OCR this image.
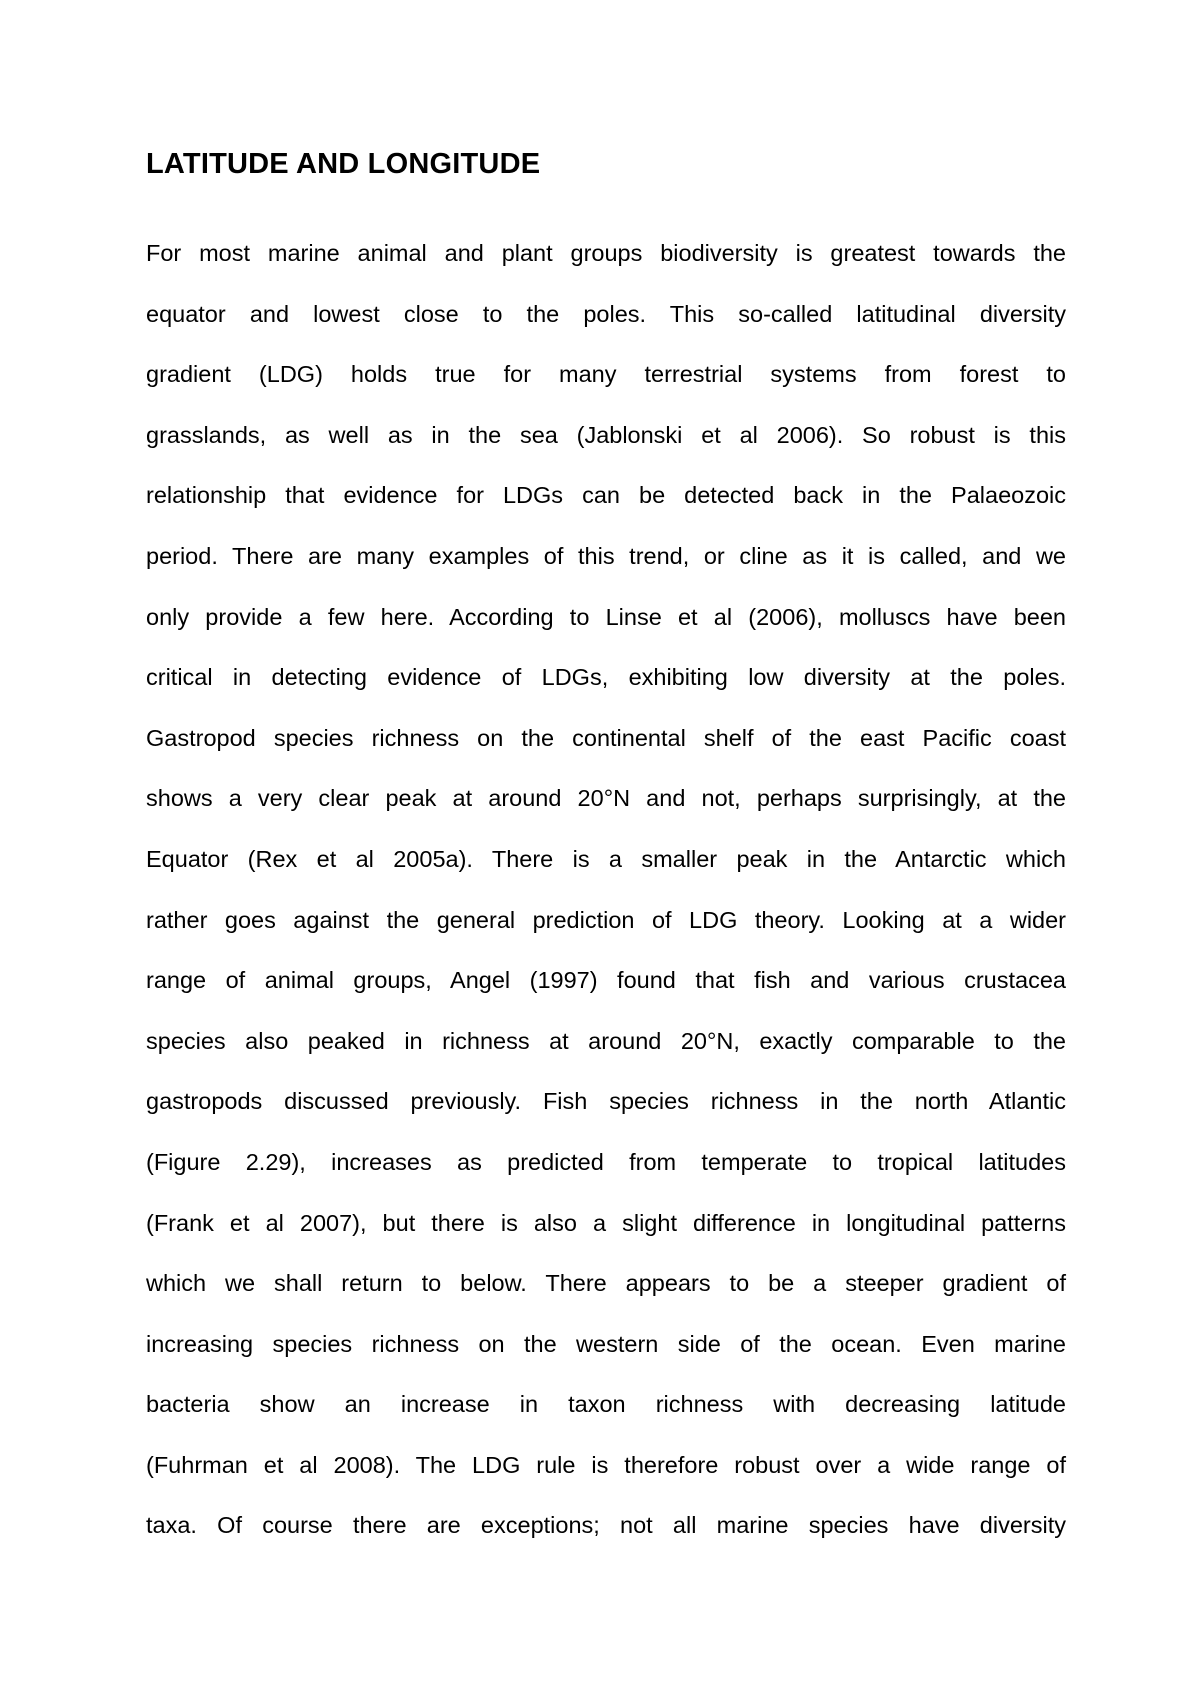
LATITUDE AND LONGITUDE
For most marine animal and plant groups biodiversity is greatest towards the
equator and lowest close to the poles. This so-called latitudinal diversity
gradient (LDG) holds true for many terrestrial systems from forest to
grasslands, as well as in the sea (Jablonski et al 2006). So robust is this
relationship that evidence for LDGs can be detected back in the Palaeozoic
period. There are many examples of this trend, or cline as it is called, and we
only provide a few here. According to Linse et al (2006), molluscs have been
critical in detecting evidence of LDGs, exhibiting low diversity at the poles.
Gastropod species richness on the continental shelf of the east Pacific coast
shows a very clear peak at around 20°N and not, perhaps surprisingly, at the
Equator (Rex et al 2005a). There is a smaller peak in the Antarctic which
rather goes against the general prediction of LDG theory. Looking at a wider
range of animal groups, Angel (1997) found that fish and various crustacea
species also peaked in richness at around 20°N, exactly comparable to the
gastropods discussed previously. Fish species richness in the north Atlantic
(Figure 2.29), increases as predicted from temperate to tropical latitudes
(Frank et al 2007), but there is also a slight difference in longitudinal patterns
which we shall return to below. There appears to be a steeper gradient of
increasing species richness on the western side of the ocean. Even marine
bacteria show an increase in taxon richness with decreasing latitude
(Fuhrman et al 2008). The LDG rule is therefore robust over a wide range of
taxa. Of course there are exceptions; not all marine species have diversity
